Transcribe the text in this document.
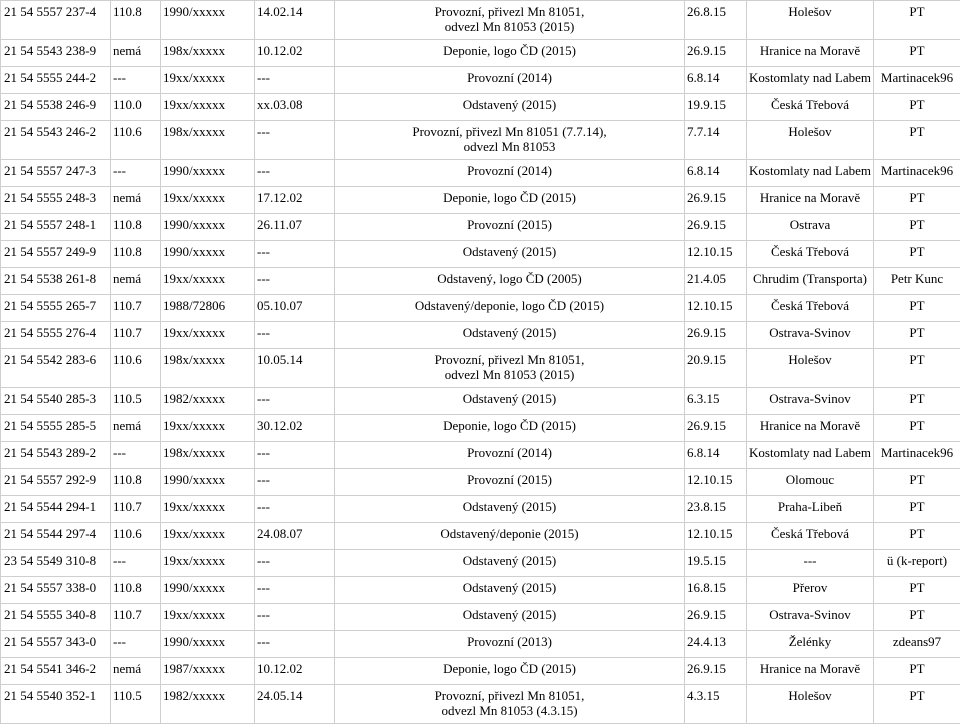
21 54 5557 237-4	110.8	1990/xxxxx	14.02.14	Provozní, přivezl Mn 81051,
odvezl Mn 81053 (2015)	26.8.15	Holešov	PT
21 54 5543 238-9	nemá	198x/xxxxx	10.12.02	Deponie, logo ČD (2015)	26.9.15	Hranice na Moravě	PT
21 54 5555 244-2	---	19xx/xxxxx	---	Provozní (2014)	6.8.14	Kostomlaty nad Labem	Martinacek96
21 54 5538 246-9	110.0	19xx/xxxxx	xx.03.08	Odstavený (2015)	19.9.15	Česká Třebová	PT
21 54 5543 246-2	110.6	198x/xxxxx	---	Provozní, přivezl Mn 81051 (7.7.14),
odvezl Mn 81053	7.7.14	Holešov	PT
21 54 5557 247-3	---	1990/xxxxx	---	Provozní (2014)	6.8.14	Kostomlaty nad Labem	Martinacek96
21 54 5555 248-3	nemá	19xx/xxxxx	17.12.02	Deponie, logo ČD (2015)	26.9.15	Hranice na Moravě	PT
21 54 5557 248-1	110.8	1990/xxxxx	26.11.07	Provozní (2015)	26.9.15	Ostrava	PT
21 54 5557 249-9	110.8	1990/xxxxx	---	Odstavený (2015)	12.10.15	Česká Třebová	PT
21 54 5538 261-8	nemá	19xx/xxxxx	---	Odstavený, logo ČD (2005)	21.4.05	Chrudim (Transporta)	Petr Kunc
21 54 5555 265-7	110.7	1988/72806	05.10.07	Odstavený/deponie, logo ČD (2015)	12.10.15	Česká Třebová	PT
21 54 5555 276-4	110.7	19xx/xxxxx	---	Odstavený (2015)	26.9.15	Ostrava-Svinov	PT
21 54 5542 283-6	110.6	198x/xxxxx	10.05.14	Provozní, přivezl Mn 81051,
odvezl Mn 81053 (2015)	20.9.15	Holešov	PT
21 54 5540 285-3	110.5	1982/xxxxx	---	Odstavený (2015)	6.3.15	Ostrava-Svinov	PT
21 54 5555 285-5	nemá	19xx/xxxxx	30.12.02	Deponie, logo ČD (2015)	26.9.15	Hranice na Moravě	PT
21 54 5543 289-2	---	198x/xxxxx	---	Provozní (2014)	6.8.14	Kostomlaty nad Labem	Martinacek96
21 54 5557 292-9	110.8	1990/xxxxx	---	Provozní (2015)	12.10.15	Olomouc	PT
21 54 5544 294-1	110.7	19xx/xxxxx	---	Odstavený (2015)	23.8.15	Praha-Libeň	PT
21 54 5544 297-4	110.6	19xx/xxxxx	24.08.07	Odstavený/deponie (2015)	12.10.15	Česká Třebová	PT
23 54 5549 310-8	---	19xx/xxxxx	---	Odstavený (2015)	19.5.15	---	ü (k-report)
21 54 5557 338-0	110.8	1990/xxxxx	---	Odstavený (2015)	16.8.15	Přerov	PT
21 54 5555 340-8	110.7	19xx/xxxxx	---	Odstavený (2015)	26.9.15	Ostrava-Svinov	PT
21 54 5557 343-0	---	1990/xxxxx	---	Provozní (2013)	24.4.13	Želénky	zdeans97
21 54 5541 346-2	nemá	1987/xxxxx	10.12.02	Deponie, logo ČD (2015)	26.9.15	Hranice na Moravě	PT
21 54 5540 352-1	110.5	1982/xxxxx	24.05.14	Provozní, přivezl Mn 81051,
odvezl Mn 81053 (4.3.15)	4.3.15	Holešov	PT
